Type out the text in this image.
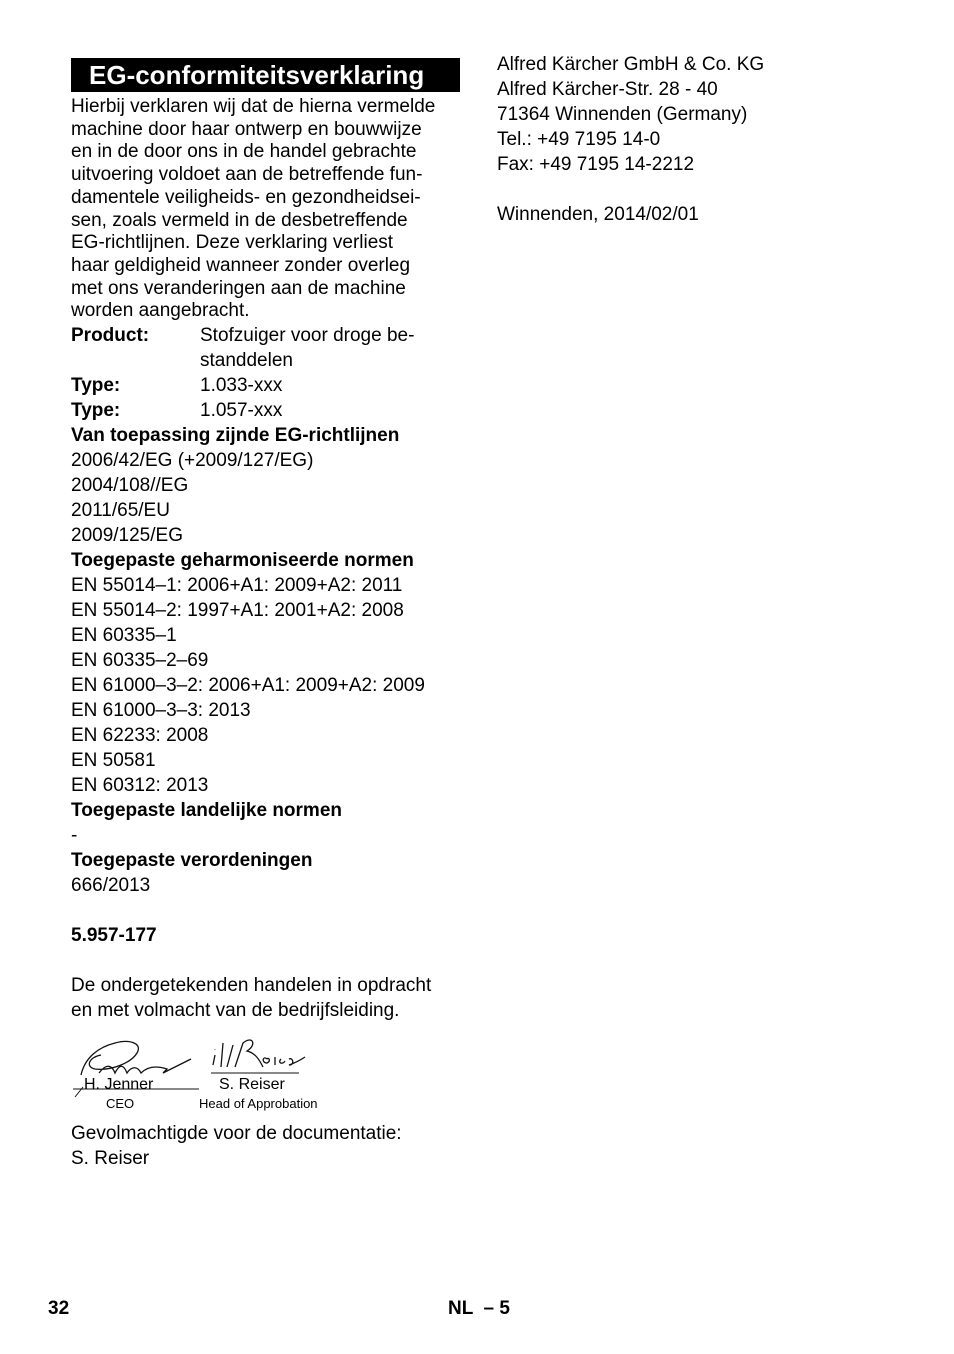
EG-conformiteitsverklaring
Hierbij verklaren wij dat de hierna vermelde
machine door haar ontwerp en bouwwijze
en in de door ons in de handel gebrachte
uitvoering voldoet aan de betreffende fun-
damentele veiligheids- en gezondheidsei-
sen, zoals vermeld in de desbetreffende
EG-richtlijnen. Deze verklaring verliest
haar geldigheid wanneer zonder overleg
met ons veranderingen aan de machine
worden aangebracht.
Product:	Stofzuiger voor droge be-
standdelen
Type:	1.033-xxx
Type:	1.057-xxx
Van toepassing zijnde EG-richtlijnen
2006/42/EG (+2009/127/EG)
2004/108//EG
2011/65/EU
2009/125/EG
Toegepaste geharmoniseerde normen
EN 55014–1: 2006+A1: 2009+A2: 2011
EN 55014–2: 1997+A1: 2001+A2: 2008
EN 60335–1
EN 60335–2–69
EN 61000–3–2: 2006+A1: 2009+A2: 2009
EN 61000–3–3: 2013
EN 62233: 2008
EN 50581
EN 60312: 2013
Toegepaste landelijke normen
-
Toegepaste verordeningen
666/2013
5.957-177
De ondergetekenden handelen in opdracht
en met volmacht van de bedrijfsleiding.
H. Jenner
CEO
S. Reiser
Head of Approbation
Gevolmachtigde voor de documentatie:
S. Reiser
Alfred Kärcher GmbH & Co. KG
Alfred Kärcher-Str. 28 - 40
71364 Winnenden (Germany)
Tel.: +49 7195 14-0
Fax: +49 7195 14-2212
Winnenden, 2014/02/01
32	NL  – 5
